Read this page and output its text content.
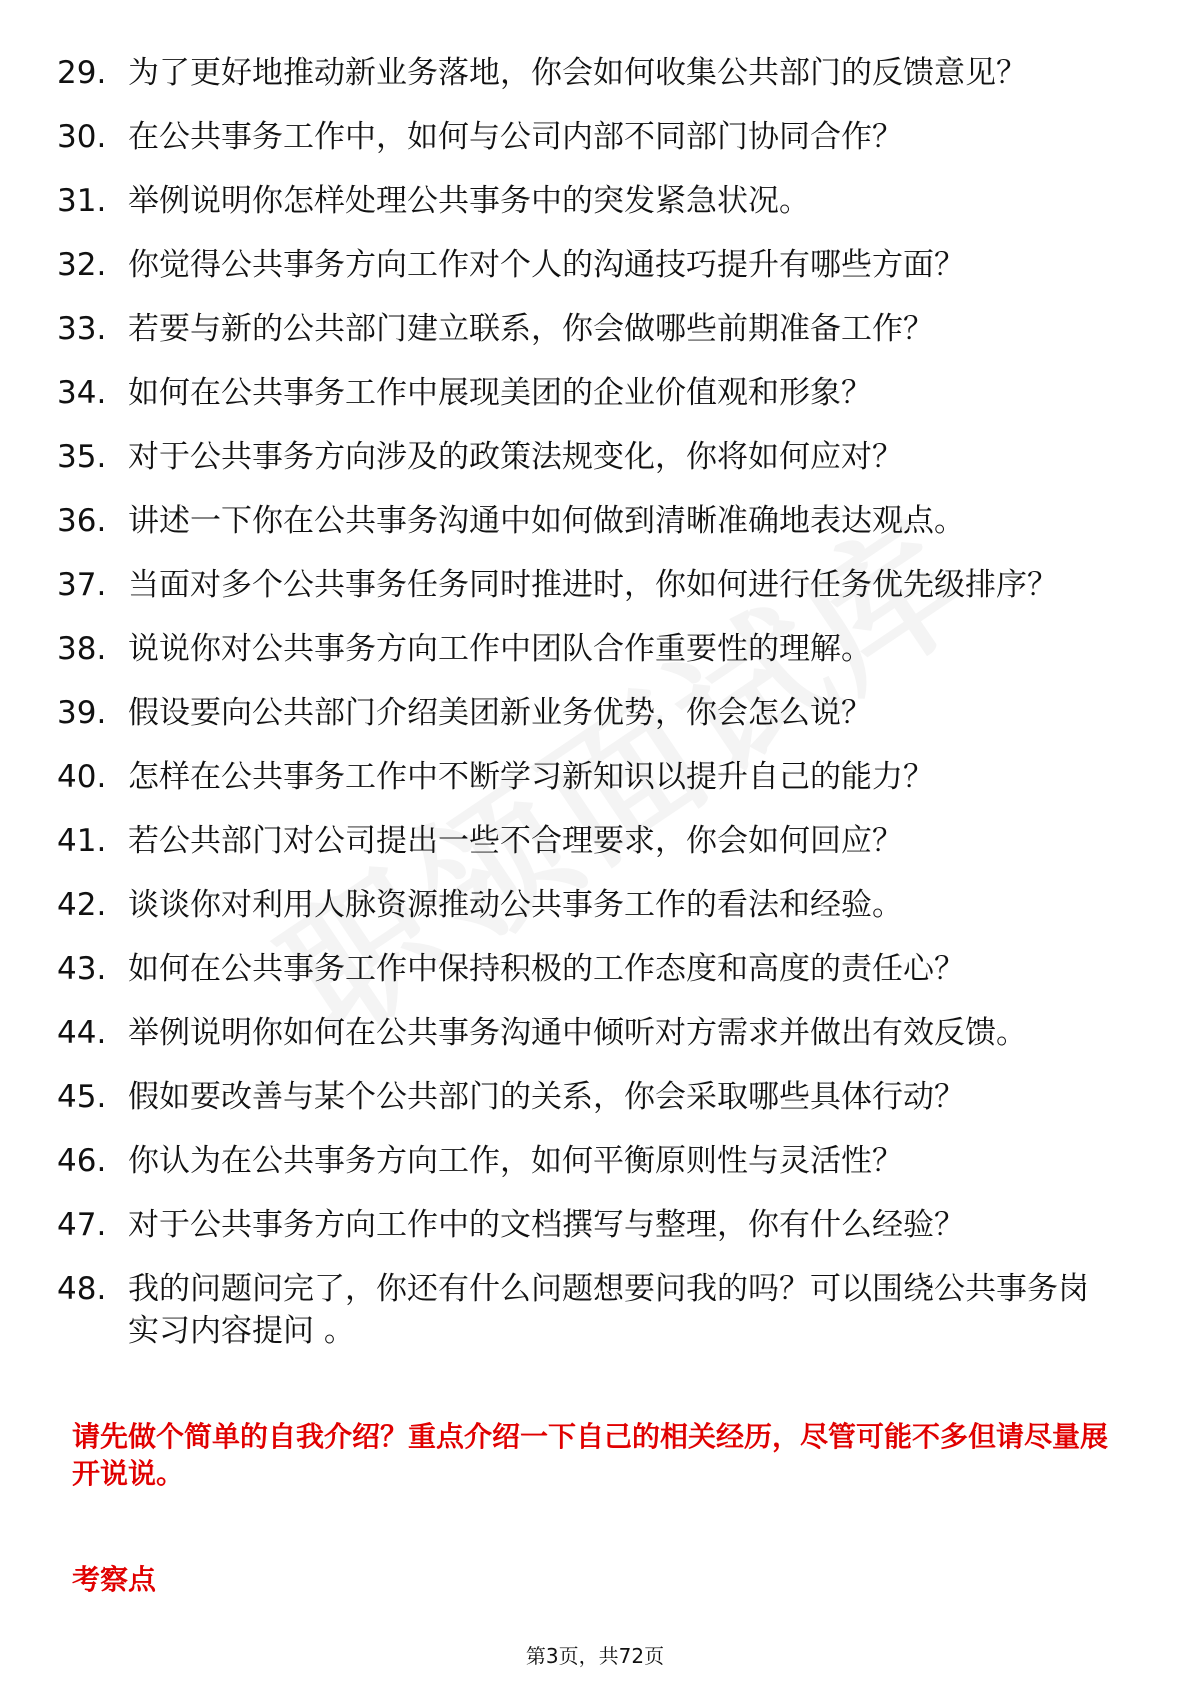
29. 为了更好地推动新业务落地，你会如何收集公共部门的反馈意见？
30. 在公共事务工作中，如何与公司内部不同部门协同合作？
31. 举例说明你怎样处理公共事务中的突发紧急状况。
32. 你觉得公共事务方向工作对个人的沟通技巧提升有哪些方面？
33. 若要与新的公共部门建立联系，你会做哪些前期准备工作？
34. 如何在公共事务工作中展现美团的企业价值观和形象？
35. 对于公共事务方向涉及的政策法规变化，你将如何应对？
36. 讲述一下你在公共事务沟通中如何做到清晰准确地表达观点。
37. 当面对多个公共事务任务同时推进时，你如何进行任务优先级排序？
38. 说说你对公共事务方向工作中团队合作重要性的理解。
39. 假设要向公共部门介绍美团新业务优势，你会怎么说？
40. 怎样在公共事务工作中不断学习新知识以提升自己的能力？
41. 若公共部门对公司提出一些不合理要求，你会如何回应？
42. 谈谈你对利用人脉资源推动公共事务工作的看法和经验。
43. 如何在公共事务工作中保持积极的工作态度和高度的责任心？
44. 举例说明你如何在公共事务沟通中倾听对方需求并做出有效反馈。
45. 假如要改善与某个公共部门的关系，你会采取哪些具体行动？
46. 你认为在公共事务方向工作，如何平衡原则性与灵活性？
47. 对于公共事务方向工作中的文档撰写与整理，你有什么经验？
48. 我的问题问完了，你还有什么问题想要问我的吗？可以围绕公共事务岗实习内容提问 。

请先做个简单的自我介绍？重点介绍一下自己的相关经历，尽管可能不多但请尽量展开说说。

考察点

第3页，共72页
